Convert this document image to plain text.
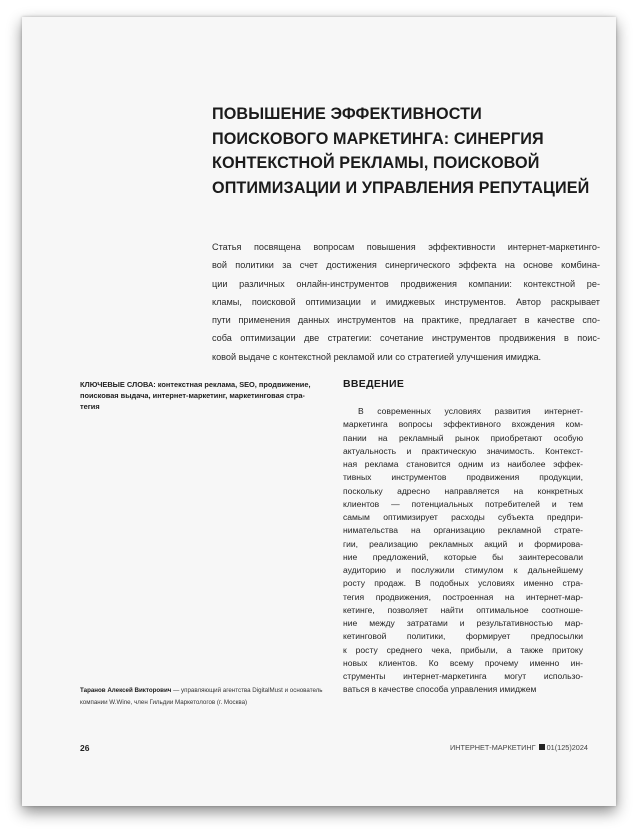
ПОВЫШЕНИЕ ЭФФЕКТИВНОСТИ
ПОИСКОВОГО МАРКЕТИНГА: СИНЕРГИЯ
КОНТЕКСТНОЙ РЕКЛАМЫ, ПОИСКОВОЙ
ОПТИМИЗАЦИИ И УПРАВЛЕНИЯ РЕПУТАЦИЕЙ
Статья посвящена вопросам повышения эффективности интернет-маркетинго-
вой политики за счет достижения синергического эффекта на основе комбина-
ции различных онлайн-инструментов продвижения компании: контекстной ре-
кламы, поисковой оптимизации и имиджевых инструментов. Автор раскрывает
пути применения данных инструментов на практике, предлагает в качестве спо-
соба оптимизации две стратегии: сочетание инструментов продвижения в поис-
ковой выдаче с контекстной рекламой или со стратегией улучшения имиджа.
КЛЮЧЕВЫЕ СЛОВА: контекстная реклама, SEO, продвижение,
поисковая выдача, интернет-маркетинг, маркетинговая стра-
тегия
ВВЕДЕНИЕ
В современных условиях развития интернет-
маркетинга вопросы эффективного вхождения ком-
пании на рекламный рынок приобретают особую
актуальность и практическую значимость. Контекст-
ная реклама становится одним из наиболее эффек-
тивных инструментов продвижения продукции,
поскольку адресно направляется на конкретных
клиентов — потенциальных потребителей и тем
самым оптимизирует расходы субъекта предпри-
нимательства на организацию рекламной страте-
гии, реализацию рекламных акций и формирова-
ние предложений, которые бы заинтересовали
аудиторию и послужили стимулом к дальнейшему
росту продаж. В подобных условиях именно стра-
тегия продвижения, построенная на интернет-мар-
кетинге, позволяет найти оптимальное соотноше-
ние между затратами и результативностью мар-
кетинговой политики, формирует предпосылки
к росту среднего чека, прибыли, а также притоку
новых клиентов. Ко всему прочему именно ин-
струменты интернет-маркетинга могут использо-
ваться в качестве способа управления имиджем
Таранов Алексей Викторович — управляющий агентства DigitalMust и основатель
компании W.Wine, член Гильдии Маркетологов (г. Москва)
26	ИНТЕРНЕТ-МАРКЕТИНГ 01(125)2024
